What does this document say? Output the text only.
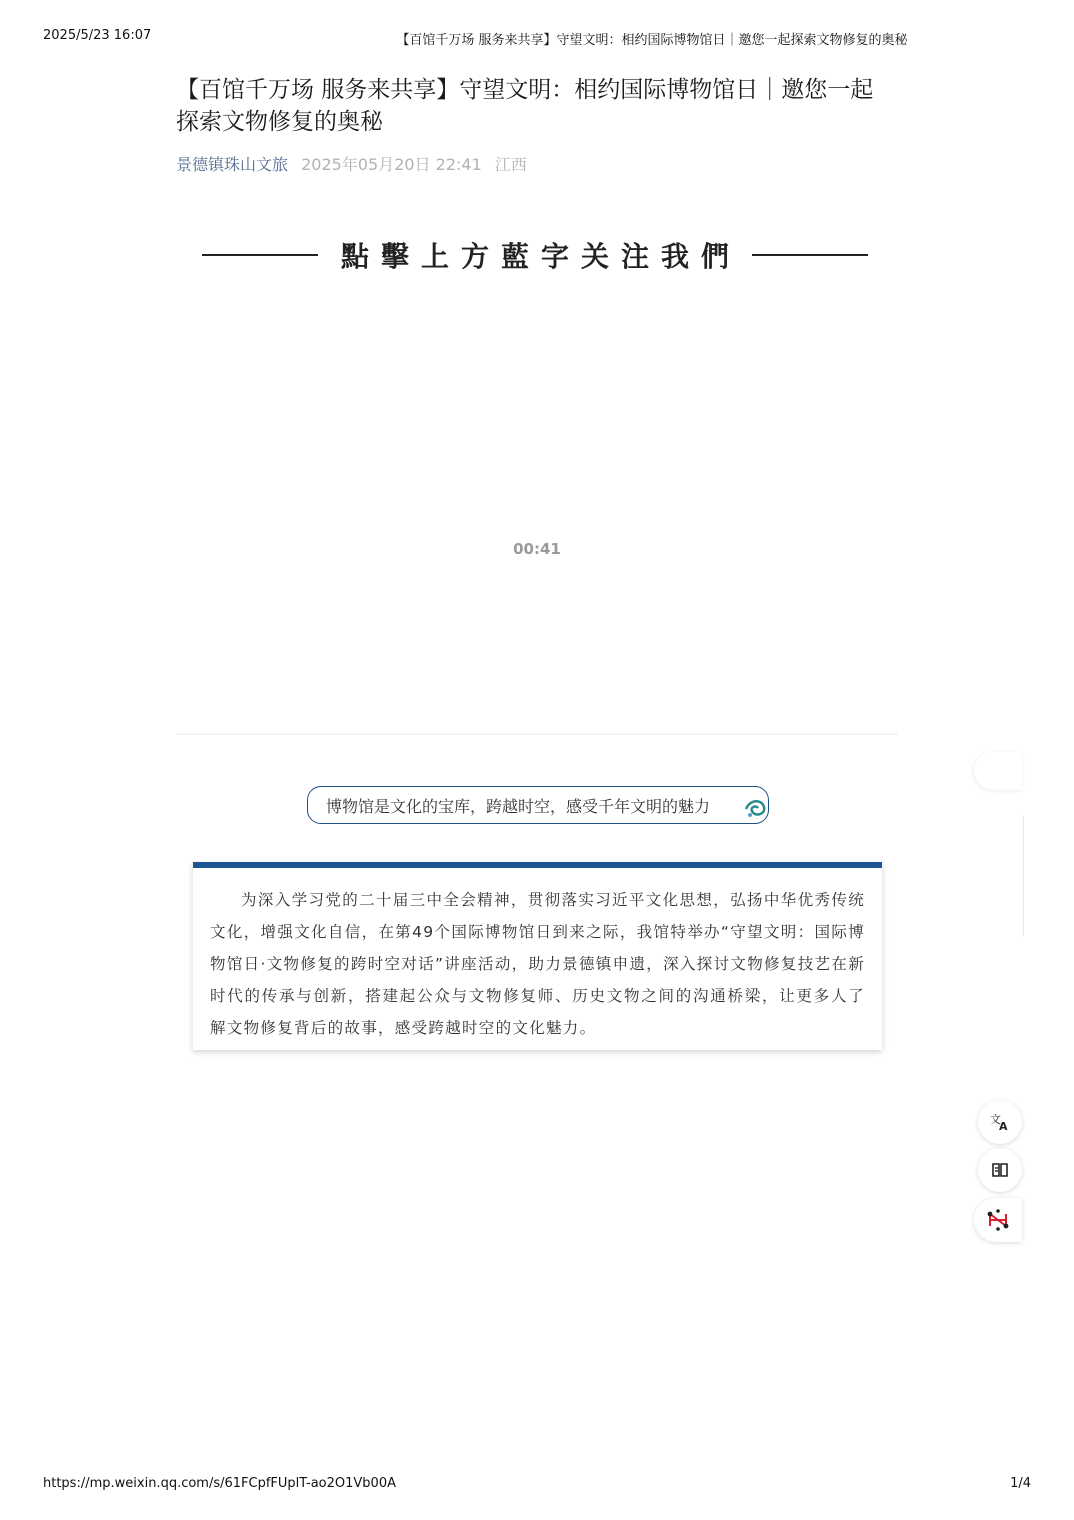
2025/5/23 16:07	【百馆千万场 服务来共享】守望文明：相约国际博物馆日｜邀您一起探索文物修复的奥秘
【百馆千万场 服务来共享】守望文明：相约国际博物馆日｜邀您一起探索文物修复的奥秘
景德镇珠山文旅 2025年05月20日 22:41 江西
點擊上方藍字关注我們
00:41
博物馆是文化的宝库，跨越时空，感受千年文明的魅力

为深入学习党的二十届三中全会精神，贯彻落实习近平文化思想，弘扬中华优秀传统文化，增强文化自信，在第49个国际博物馆日到来之际，我馆特举办“守望文明：国际博物馆日·文物修复的跨时空对话”讲座活动，助力景德镇申遗，深入探讨文物修复技艺在新时代的传承与创新，搭建起公众与文物修复师、历史文物之间的沟通桥梁，让更多人了解文物修复背后的故事，感受跨越时空的文化魅力。

文
A
https://mp.weixin.qq.com/s/61FCpfFUplT-ao2O1Vb00A	1/4
